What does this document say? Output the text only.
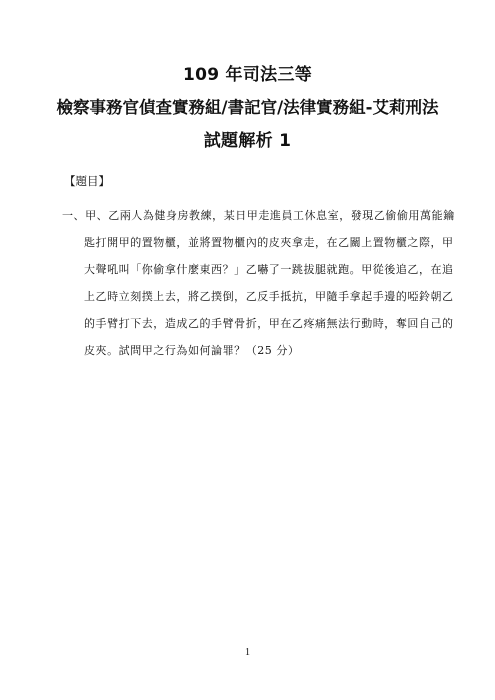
109 年司法三等
檢察事務官偵查實務組/書記官/法律實務組-艾莉刑法
試題解析 1
【題目】
一、甲、乙兩人為健身房教練，某日甲走進員工休息室，發現乙偷偷用萬能鑰
匙打開甲的置物櫃，並將置物櫃內的皮夾拿走，在乙關上置物櫃之際，甲
大聲吼叫「你偷拿什麼東西？」乙嚇了一跳拔腿就跑。甲從後追乙，在追
上乙時立刻撲上去，將乙撲倒，乙反手抵抗，甲隨手拿起手邊的啞鈴朝乙
的手臂打下去，造成乙的手臂骨折，甲在乙疼痛無法行動時，奪回自己的
皮夾。試問甲之行為如何論罪？（25 分）
1
